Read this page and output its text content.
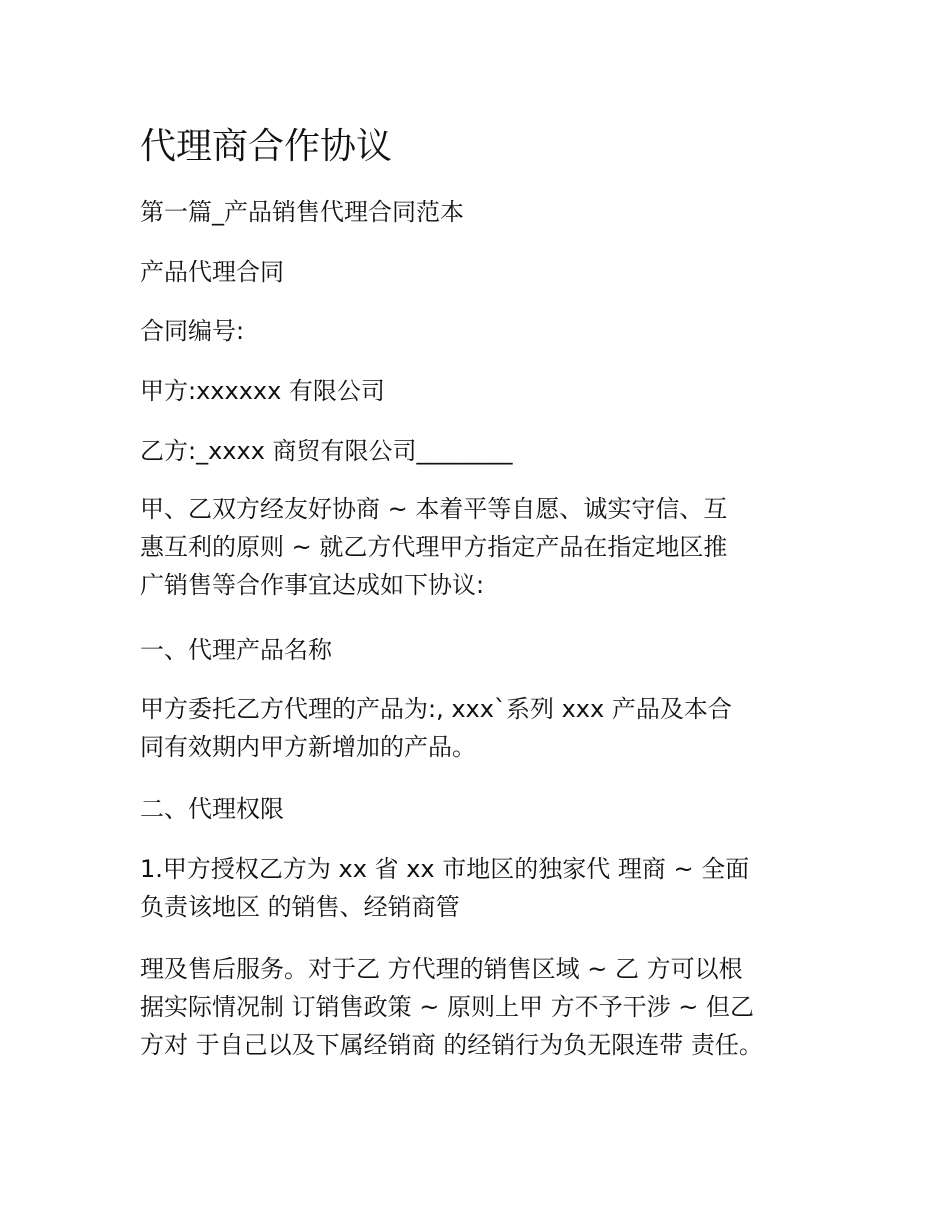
代理商合作协议
第一篇_产品销售代理合同范本
产品代理合同
合同编号:
甲方:xxxxxx 有限公司
乙方:_xxxx 商贸有限公司________
甲、乙双方经友好协商 ~ 本着平等自愿、诚实守信、互
惠互利的原则 ~ 就乙方代理甲方指定产品在指定地区推
广销售等合作事宜达成如下协议:
一、代理产品名称
甲方委托乙方代理的产品为:, xxx`系列 xxx 产品及本合
同有效期内甲方新增加的产品。
二、代理权限
1.甲方授权乙方为 xx 省 xx 市地区的独家代 理商 ~ 全面
负责该地区 的销售、经销商管
理及售后服务。对于乙 方代理的销售区域 ~ 乙 方可以根
据实际情况制 订销售政策 ~ 原则上甲 方不予干涉 ~ 但乙
方对 于自己以及下属经销商 的经销行为负无限连带 责任。
